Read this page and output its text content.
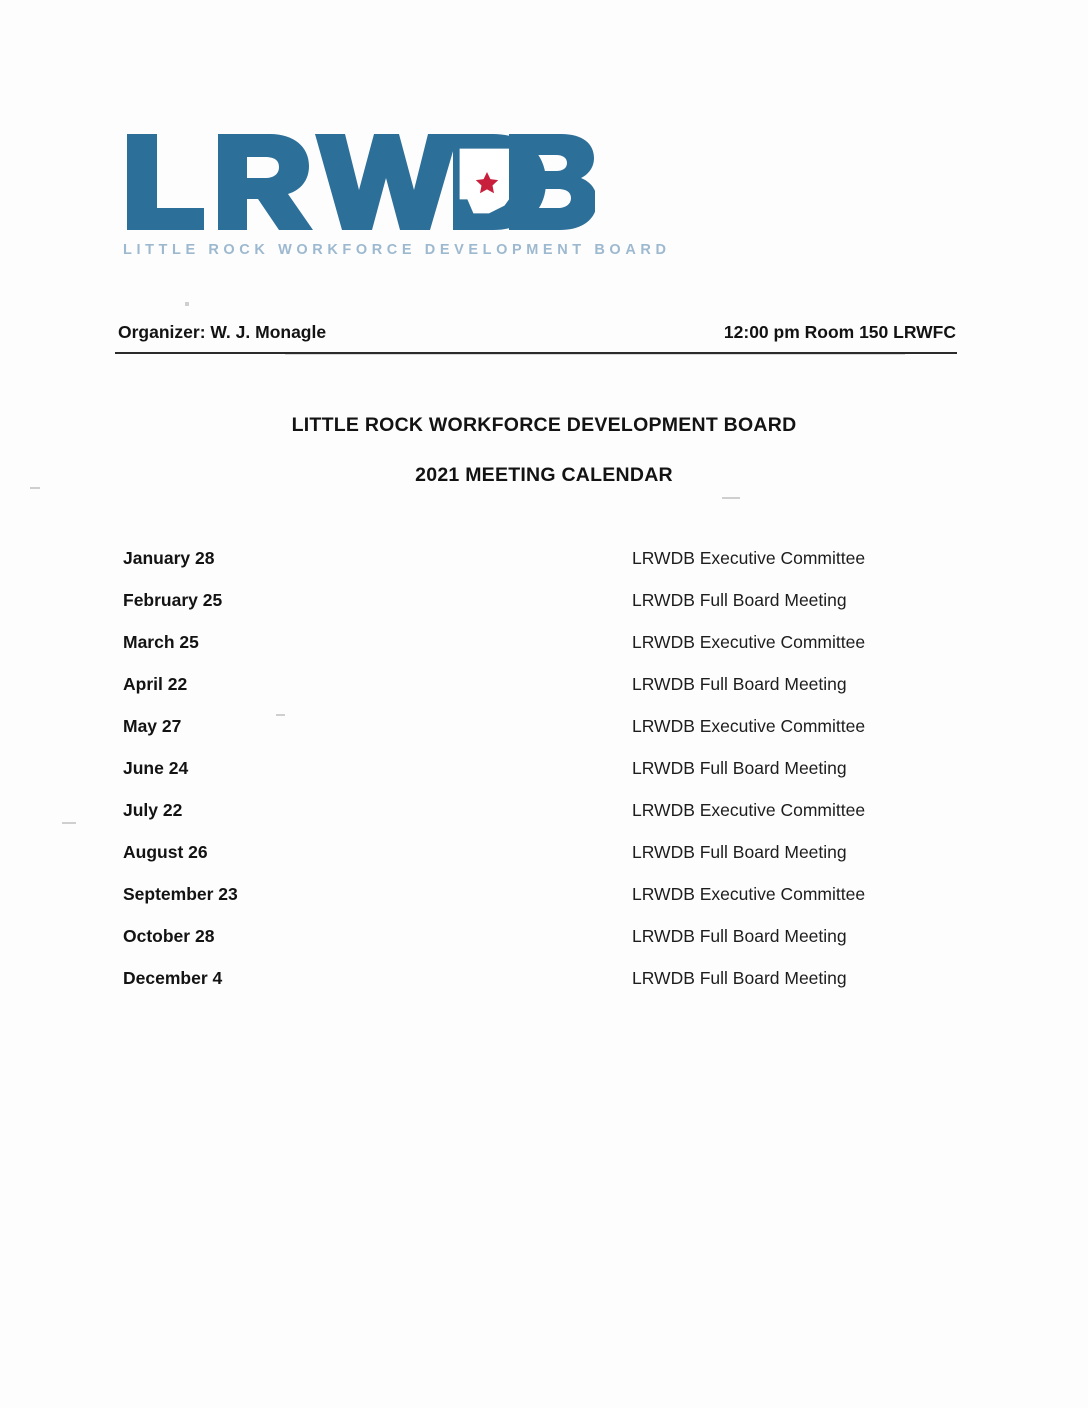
LITTLE ROCK WORKFORCE DEVELOPMENT BOARD
Organizer: W. J. Monagle	12:00 pm Room 150 LRWFC
LITTLE ROCK WORKFORCE DEVELOPMENT BOARD
2021 MEETING CALENDAR
January 28	LRWDB Executive Committee
February 25	LRWDB Full Board Meeting
March 25	LRWDB Executive Committee
April 22	LRWDB Full Board Meeting
May 27	LRWDB Executive Committee
June 24	LRWDB Full Board Meeting
July 22	LRWDB Executive Committee
August 26	LRWDB Full Board Meeting
September 23	LRWDB Executive Committee
October 28	LRWDB Full Board Meeting
December 4	LRWDB Full Board Meeting
